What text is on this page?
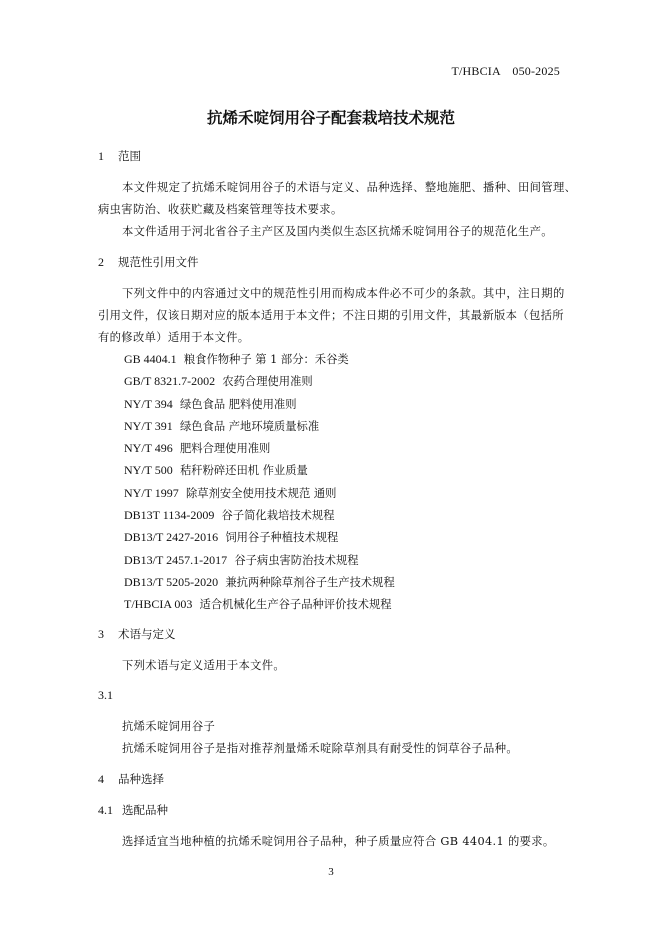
T/HBCIA　050-2025
抗烯禾啶饲用谷子配套栽培技术规范
1 范围
本文件规定了抗烯禾啶饲用谷子的术语与定义、品种选择、整地施肥、播种、田间管理、
病虫害防治、收获贮藏及档案管理等技术要求。
本文件适用于河北省谷子主产区及国内类似生态区抗烯禾啶饲用谷子的规范化生产。
2 规范性引用文件
下列文件中的内容通过文中的规范性引用而构成本件必不可少的条款。其中，注日期的
引用文件，仅该日期对应的版本适用于本文件；不注日期的引用文件，其最新版本（包括所
有的修改单）适用于本文件。
GB 4404.1 粮食作物种子 第 1 部分：禾谷类
GB/T 8321.7-2002 农药合理使用准则
NY/T 394 绿色食品 肥料使用准则
NY/T 391 绿色食品 产地环境质量标准
NY/T 496 肥料合理使用准则
NY/T 500 秸秆粉碎还田机 作业质量
NY/T 1997 除草剂安全使用技术规范 通则
DB13T 1134-2009 谷子简化栽培技术规程
DB13/T 2427-2016 饲用谷子种植技术规程
DB13/T 2457.1-2017 谷子病虫害防治技术规程
DB13/T 5205-2020 兼抗两种除草剂谷子生产技术规程
T/HBCIA 003 适合机械化生产谷子品种评价技术规程
3 术语与定义
下列术语与定义适用于本文件。
3.1
抗烯禾啶饲用谷子
抗烯禾啶饲用谷子是指对推荐剂量烯禾啶除草剂具有耐受性的饲草谷子品种。
4 品种选择
4.1 选配品种
选择适宜当地种植的抗烯禾啶饲用谷子品种，种子质量应符合 GB 4404.1 的要求。
3
